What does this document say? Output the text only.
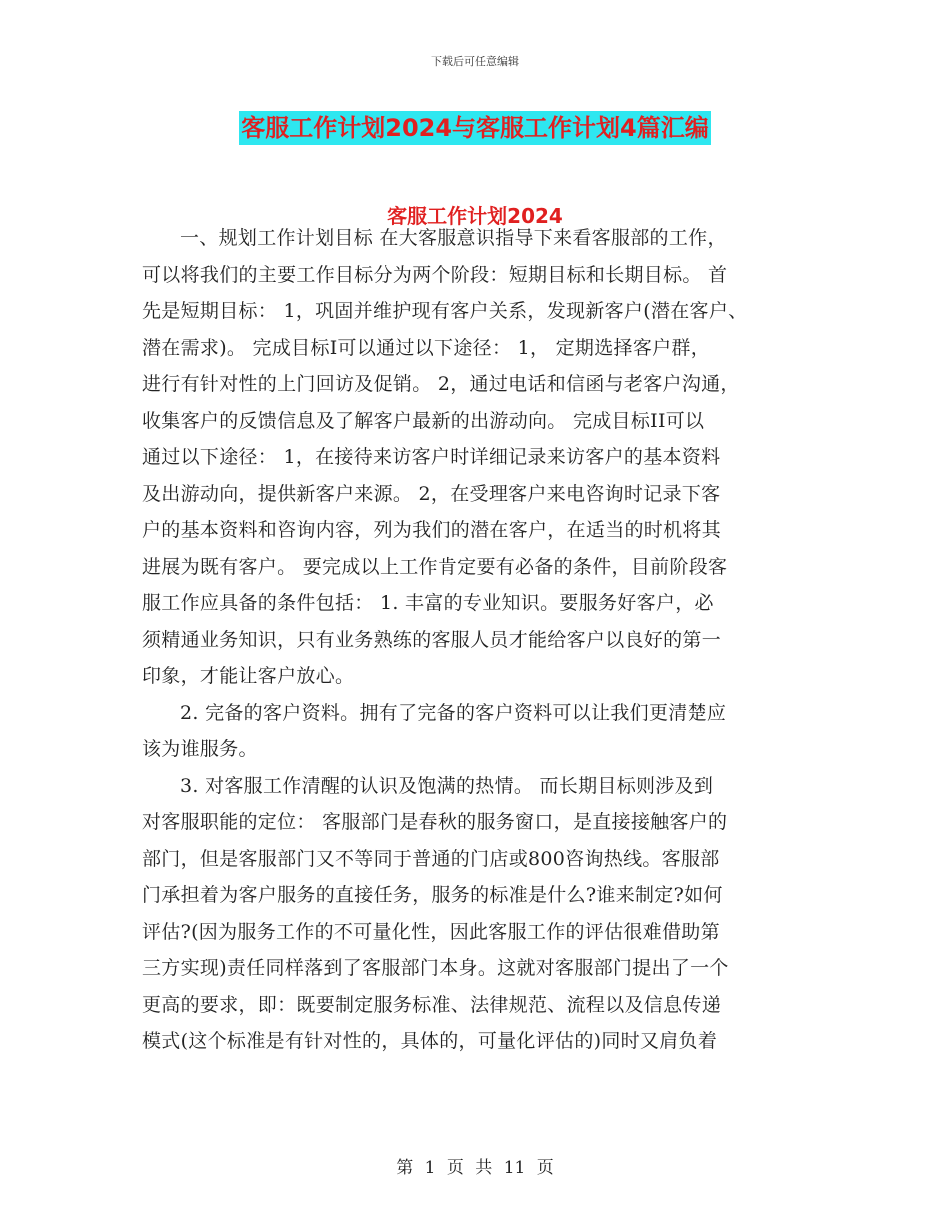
下载后可任意编辑
客服工作计划2024与客服工作计划4篇汇编
客服工作计划2024
一、规划工作计划目标 在大客服意识指导下来看客服部的工作，
可以将我们的主要工作目标分为两个阶段：短期目标和长期目标。 首
先是短期目标： 1，巩固并维护现有客户关系，发现新客户(潜在客户、
潜在需求)。 完成目标I可以通过以下途径： 1， 定期选择客户群，
进行有针对性的上门回访及促销。 2，通过电话和信函与老客户沟通，
收集客户的反馈信息及了解客户最新的出游动向。 完成目标II可以
通过以下途径： 1，在接待来访客户时详细记录来访客户的基本资料
及出游动向，提供新客户来源。 2，在受理客户来电咨询时记录下客
户的基本资料和咨询内容，列为我们的潜在客户，在适当的时机将其
进展为既有客户。 要完成以上工作肯定要有必备的条件，目前阶段客
服工作应具备的条件包括： 1. 丰富的专业知识。要服务好客户，必
须精通业务知识，只有业务熟练的客服人员才能给客户以良好的第一
印象，才能让客户放心。
2. 完备的客户资料。拥有了完备的客户资料可以让我们更清楚应
该为谁服务。
3. 对客服工作清醒的认识及饱满的热情。 而长期目标则涉及到
对客服职能的定位： 客服部门是春秋的服务窗口，是直接接触客户的
部门，但是客服部门又不等同于普通的门店或800咨询热线。客服部
门承担着为客户服务的直接任务，服务的标准是什么?谁来制定?如何
评估?(因为服务工作的不可量化性，因此客服工作的评估很难借助第
三方实现)责任同样落到了客服部门本身。这就对客服部门提出了一个
更高的要求，即：既要制定服务标准、法律规范、流程以及信息传递
模式(这个标准是有针对性的，具体的，可量化评估的)同时又肩负着
第 1 页 共 11 页
